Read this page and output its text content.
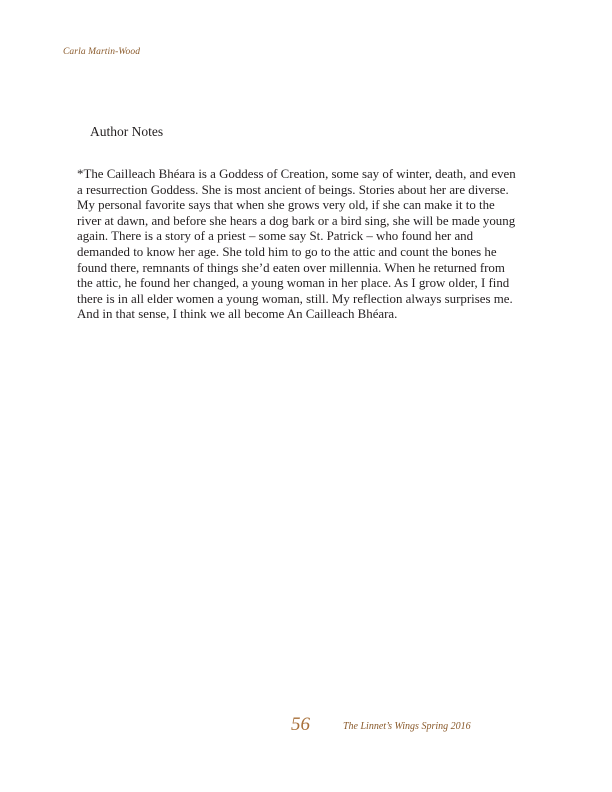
Carla Martin-Wood
Author Notes
*The Cailleach Bhéara is a Goddess of Creation, some say of winter, death, and even
a resurrection Goddess. She is most ancient of beings. Stories about her are diverse.
My personal favorite says that when she grows very old, if she can make it to the
river at dawn, and before she hears a dog bark or a bird sing, she will be made young
again. There is a story of a priest – some say St. Patrick – who found her and
demanded to know her age. She told him to go to the attic and count the bones he
found there, remnants of things she’d eaten over millennia. When he returned from
the attic, he found her changed, a young woman in her place. As I grow older, I find
there is in all elder women a young woman, still. My reflection always surprises me.
And in that sense, I think we all become An Cailleach Bhéara.
56	The Linnet’s Wings Spring 2016
